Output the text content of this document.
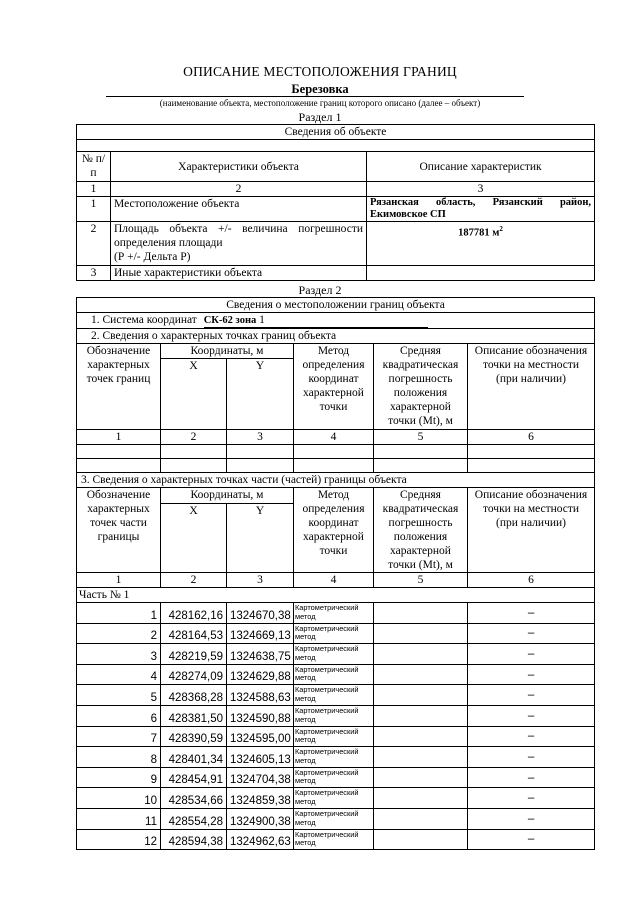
ОПИСАНИЕ МЕСТОПОЛОЖЕНИЯ ГРАНИЦ
Березовка
(наименование объекта, местоположение границ которого описано (далее – объект)
Раздел 1
Сведения об объекте		

№ п/п	Характеристики объекта	Описание характеристик
1	2	3
1	Местоположение объекта	Рязанская область, Рязанский район,
Екимовское СП

2	Площадь объекта +/- величина погрешности
определения площади
(Р +/- Дельта Р)	187781 $м^2$
3	Иные характеристики объекта	
Раздел 2
Сведения о местоположении границ объекта					
1. Система координат СК-62 зона 1					
2. Сведения о характерных точках границ объекта					
Обозначение характерных точек границ	Координаты, м		Метод определения координат характерной точки	Средняя квадратическая погрешность положения характерной точки (Mt), м	Описание обозначения точки на местности (при наличии)
	X	Y			
1	2	3	4	5	6

3. Сведения о характерных точках части (частей) границы объекта					
Обозначение характерных точек части границы	Координаты, м		Метод определения координат характерной точки	Средняя квадратическая погрешность положения характерной точки (Mt), м	Описание обозначения точки на местности (при наличии)
	X	Y			
1	2	3	4	5	6
Часть № 1					
1	428162,16	1324670,38	Картометрический метод		–
2	428164,53	1324669,13	Картометрический метод		–
3	428219,59	1324638,75	Картометрический метод		–
4	428274,09	1324629,88	Картометрический метод		–
5	428368,28	1324588,63	Картометрический метод		–
6	428381,50	1324590,88	Картометрический метод		–
7	428390,59	1324595,00	Картометрический метод		–
8	428401,34	1324605,13	Картометрический метод		–
9	428454,91	1324704,38	Картометрический метод		–
10	428534,66	1324859,38	Картометрический метод		–
11	428554,28	1324900,38	Картометрический метод		–
12	428594,38	1324962,63	Картометрический метод		–
